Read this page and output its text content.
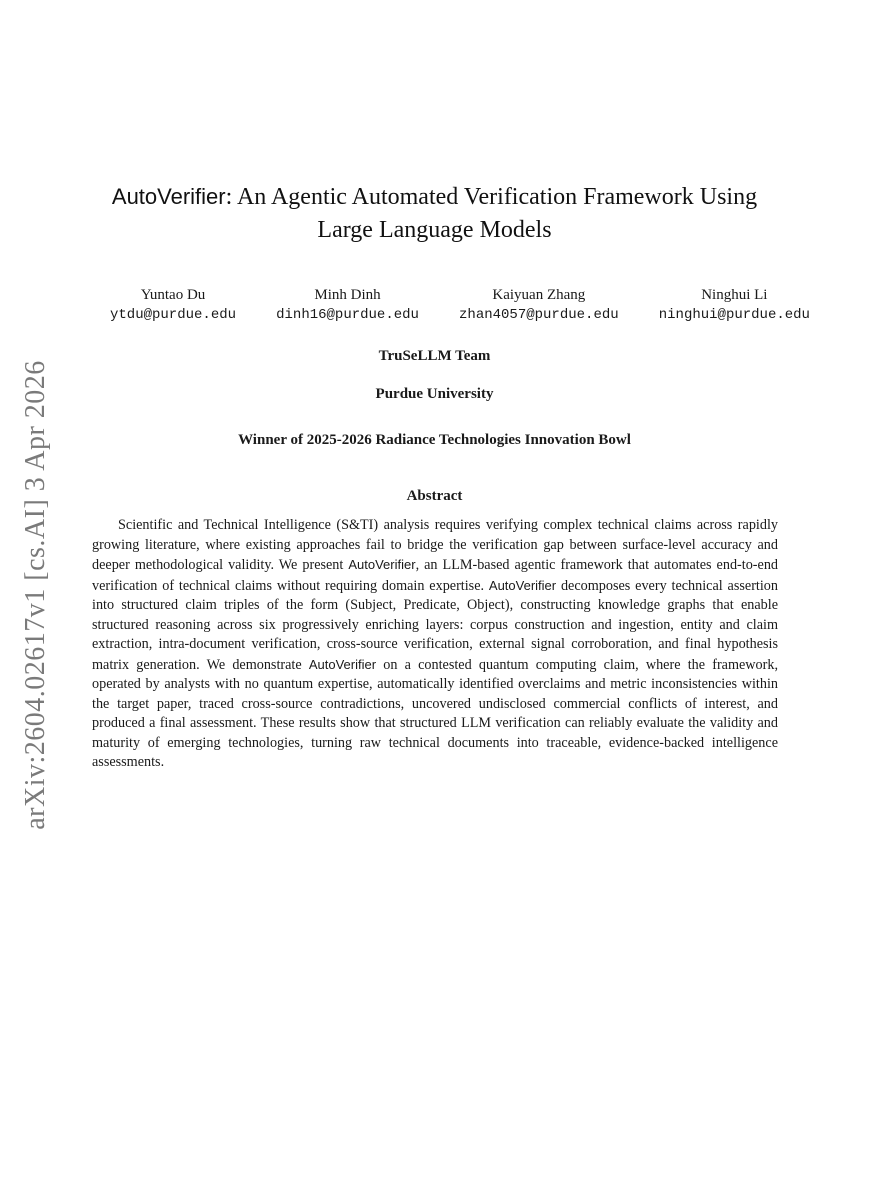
arXiv:2604.02617v1 [cs.AI] 3 Apr 2026
AutoVerifier: An Agentic Automated Verification Framework Using
Large Language Models
Yuntao Du
ytdu@purdue.edu
Minh Dinh
dinh16@purdue.edu
Kaiyuan Zhang
zhan4057@purdue.edu
Ninghui Li
ninghui@purdue.edu
TruSeLLM Team
Purdue University
Winner of 2025-2026 Radiance Technologies Innovation Bowl
Abstract
Scientific and Technical Intelligence (S&TI) analysis requires verifying complex technical claims across rapidly growing literature, where existing approaches fail to bridge the verification gap between surface-level accuracy and deeper methodological validity. We present AutoVerifier, an LLM-based agentic framework that automates end-to-end verification of technical claims without requiring domain expertise. AutoVerifier decomposes every technical assertion into structured claim triples of the form (Subject, Predicate, Object), constructing knowledge graphs that enable structured reasoning across six progressively enriching layers: corpus construction and ingestion, entity and claim extraction, intra-document verification, cross-source verification, external signal corroboration, and final hypothesis matrix generation. We demonstrate AutoVerifier on a contested quantum computing claim, where the framework, operated by analysts with no quantum expertise, automatically identified overclaims and metric inconsistencies within the target paper, traced cross-source contradictions, uncovered undisclosed commercial conflicts of interest, and produced a final assessment. These results show that structured LLM verification can reliably evaluate the validity and maturity of emerging technologies, turning raw technical documents into traceable, evidence-backed intelligence assessments.
